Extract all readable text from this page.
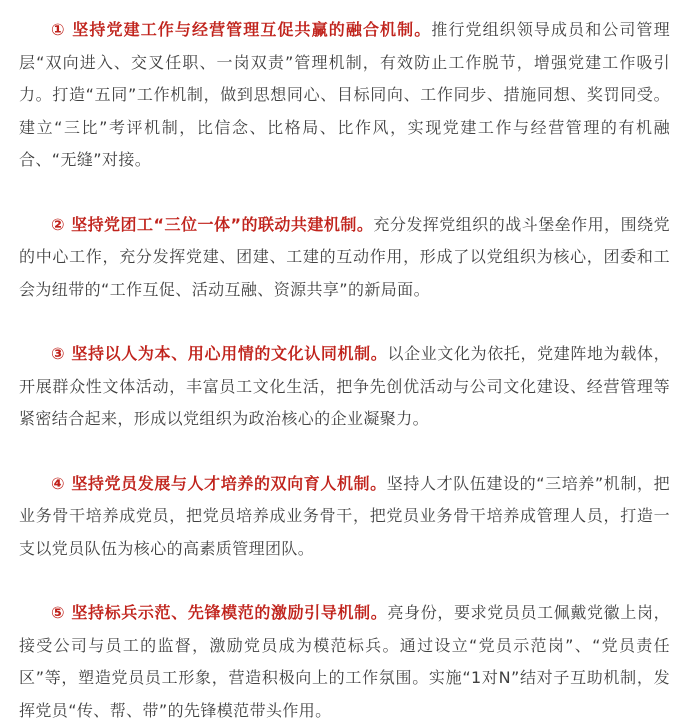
① 坚持党建工作与经营管理互促共赢的融合机制。推行党组织领导成员和公司管理层“双向进入、交叉任职、一岗双责”管理机制，有效防止工作脱节，增强党建工作吸引力。打造“五同”工作机制，做到思想同心、目标同向、工作同步、措施同想、奖罚同受。建立“三比”考评机制，比信念、比格局、比作风，实现党建工作与经营管理的有机融合、“无缝”对接。

② 坚持党团工“三位一体”的联动共建机制。充分发挥党组织的战斗堡垒作用，围绕党的中心工作，充分发挥党建、团建、工建的互动作用，形成了以党组织为核心，团委和工会为纽带的“工作互促、活动互融、资源共享”的新局面。

③ 坚持以人为本、用心用情的文化认同机制。以企业文化为依托，党建阵地为载体，开展群众性文体活动，丰富员工文化生活，把争先创优活动与公司文化建设、经营管理等紧密结合起来，形成以党组织为政治核心的企业凝聚力。

④ 坚持党员发展与人才培养的双向育人机制。坚持人才队伍建设的“三培养”机制，把业务骨干培养成党员，把党员培养成业务骨干，把党员业务骨干培养成管理人员，打造一支以党员队伍为核心的高素质管理团队。

⑤ 坚持标兵示范、先锋模范的激励引导机制。亮身份，要求党员员工佩戴党徽上岗，接受公司与员工的监督，激励党员成为模范标兵。通过设立“党员示范岗”、“党员责任区”等，塑造党员员工形象，营造积极向上的工作氛围。实施“1对N”结对子互助机制，发挥党员“传、帮、带”的先锋模范带头作用。
